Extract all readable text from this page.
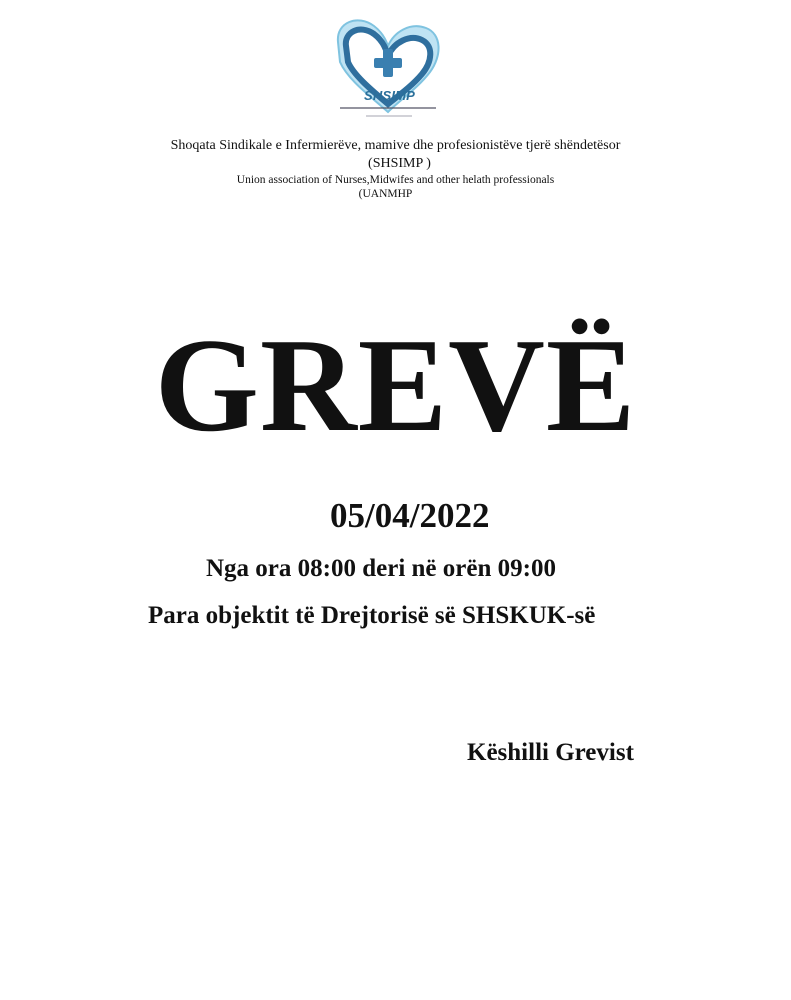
SHSIMP
Shoqata Sindikale e Infermierëve, mamive dhe profesionistëve tjerë shëndetësor
(SHSIMP )
Union association of Nurses,Midwifes and other helath professionals
(UANMHP
GREVË
05/04/2022
Nga ora 08:00 deri në orën 09:00
Para objektit të Drejtorisë së SHSKUK-së
Këshilli Grevist
